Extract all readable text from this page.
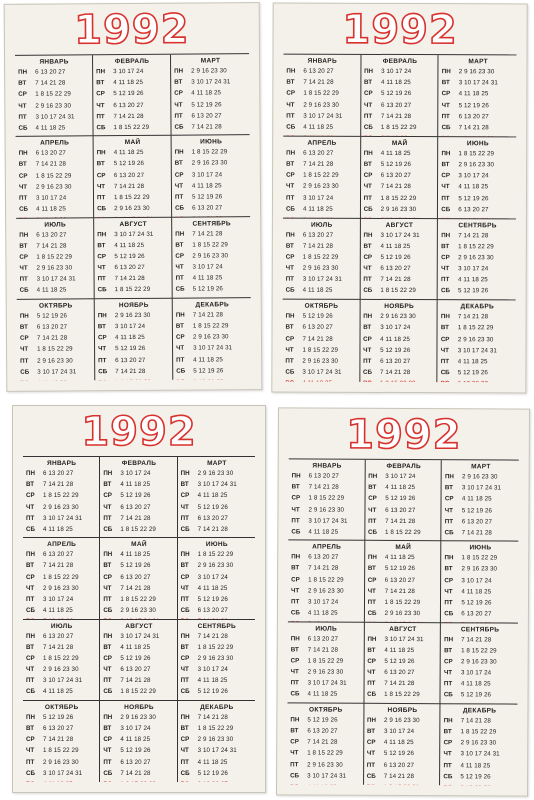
1992
ЯНВАРЬ
ПН	6 13 20 27
ВТ	7 14 21 28
СР	1 8 15 22 29
ЧТ	2 9 16 23 30
ПТ	3 10 17 24 31
СБ	4 11 18 25
ФЕВРАЛЬ
ПН	3 10 17 24
ВТ	4 11 18 25
СР	5 12 19 26
ЧТ	6 13 20 27
ПТ	7 14 21 28
СБ	1 8 15 22 29
МАРТ
ПН	2 9 16 23 30
ВТ	3 10 17 24 31
СР	4 11 18 25
ЧТ	5 12 19 26
ПТ	6 13 20 27
СБ	7 14 21 28
АПРЕЛЬ
ПН	6 13 20 27
ВТ	7 14 21 28
СР	1 8 15 22 29
ЧТ	2 9 16 23 30
ПТ	3 10 17 24
СБ	4 11 18 25
МАЙ
ПН	4 11 18 25
ВТ	5 12 19 26
СР	6 13 20 27
ЧТ	7 14 21 28
ПТ	1 8 15 22 29
СБ	2 9 16 23 30
ИЮНЬ
ПН	1 8 15 22 29
ВТ	2 9 16 23 30
СР	3 10 17 24
ЧТ	4 11 18 25
ПТ	5 12 19 26
СБ	6 13 20 27
ИЮЛЬ
ПН	6 13 20 27
ВТ	7 14 21 28
СР	1 8 15 22 29
ЧТ	2 9 16 23 30
ПТ	3 10 17 24 31
СБ	4 11 18 25
АВГУСТ
ПН	3 10 17 24 31
ВТ	4 11 18 25
СР	5 12 19 26
ЧТ	6 13 20 27
ПТ	7 14 21 28
СБ	1 8 15 22 29
СЕНТЯБРЬ
ПН	7 14 21 28
ВТ	1 8 15 22 29
СР	2 9 16 23 30
ЧТ	3 10 17 24
ПТ	4 11 18 25
СБ	5 12 19 26
ОКТЯБРЬ
ПН	5 12 19 26
ВТ	6 13 20 27
СР	7 14 21 28
ЧТ	1 8 15 22 29
ПТ	2 9 16 23 30
СБ	3 10 17 24 31
НОЯБРЬ
ПН	2 9 16 23 30
ВТ	3 10 17 24
СР	4 11 18 25
ЧТ	5 12 19 26
ПТ	6 13 20 27
СБ	7 14 21 28
ДЕКАБРЬ
ПН	7 14 21 28
ВТ	1 8 15 22 29
СР	2 9 16 23 30
ЧТ	3 10 17 24 31
ПТ	4 11 18 25
СБ	5 12 19 26
1992
ЯНВАРЬ
ПН	6 13 20 27
ВТ	7 14 21 28
СР	1 8 15 22 29
ЧТ	2 9 16 23 30
ПТ	3 10 17 24 31
СБ	4 11 18 25
ФЕВРАЛЬ
ПН	3 10 17 24
ВТ	4 11 18 25
СР	5 12 19 26
ЧТ	6 13 20 27
ПТ	7 14 21 28
СБ	1 8 15 22 29
МАРТ
ПН	2 9 16 23 30
ВТ	3 10 17 24 31
СР	4 11 18 25
ЧТ	5 12 19 26
ПТ	6 13 20 27
СБ	7 14 21 28
АПРЕЛЬ
ПН	6 13 20 27
ВТ	7 14 21 28
СР	1 8 15 22 29
ЧТ	2 9 16 23 30
ПТ	3 10 17 24
СБ	4 11 18 25
МАЙ
ПН	4 11 18 25
ВТ	5 12 19 26
СР	6 13 20 27
ЧТ	7 14 21 28
ПТ	1 8 15 22 29
СБ	2 9 16 23 30
ИЮНЬ
ПН	1 8 15 22 29
ВТ	2 9 16 23 30
СР	3 10 17 24
ЧТ	4 11 18 25
ПТ	5 12 19 26
СБ	6 13 20 27
ИЮЛЬ
ПН	6 13 20 27
ВТ	7 14 21 28
СР	1 8 15 22 29
ЧТ	2 9 16 23 30
ПТ	3 10 17 24 31
СБ	4 11 18 25
АВГУСТ
ПН	3 10 17 24 31
ВТ	4 11 18 25
СР	5 12 19 26
ЧТ	6 13 20 27
ПТ	7 14 21 28
СБ	1 8 15 22 29
СЕНТЯБРЬ
ПН	7 14 21 28
ВТ	1 8 15 22 29
СР	2 9 16 23 30
ЧТ	3 10 17 24
ПТ	4 11 18 25
СБ	5 12 19 26
ОКТЯБРЬ
ПН	5 12 19 26
ВТ	6 13 20 27
СР	7 14 21 28
ЧТ	1 8 15 22 29
ПТ	2 9 16 23 30
СБ	3 10 17 24 31
НОЯБРЬ
ПН	2 9 16 23 30
ВТ	3 10 17 24
СР	4 11 18 25
ЧТ	5 12 19 26
ПТ	6 13 20 27
СБ	7 14 21 28
ДЕКАБРЬ
ПН	7 14 21 28
ВТ	1 8 15 22 29
СР	2 9 16 23 30
ЧТ	3 10 17 24 31
ПТ	4 11 18 25
СБ	5 12 19 26
1992
ЯНВАРЬ
ПН	6 13 20 27
ВТ	7 14 21 28
СР	1 8 15 22 29
ЧТ	2 9 16 23 30
ПТ	3 10 17 24 31
СБ	4 11 18 25
ФЕВРАЛЬ
ПН	3 10 17 24
ВТ	4 11 18 25
СР	5 12 19 26
ЧТ	6 13 20 27
ПТ	7 14 21 28
СБ	1 8 15 22 29
МАРТ
ПН	2 9 16 23 30
ВТ	3 10 17 24 31
СР	4 11 18 25
ЧТ	5 12 19 26
ПТ	6 13 20 27
СБ	7 14 21 28
АПРЕЛЬ
ПН	6 13 20 27
ВТ	7 14 21 28
СР	1 8 15 22 29
ЧТ	2 9 16 23 30
ПТ	3 10 17 24
СБ	4 11 18 25
МАЙ
ПН	4 11 18 25
ВТ	5 12 19 26
СР	6 13 20 27
ЧТ	7 14 21 28
ПТ	1 8 15 22 29
СБ	2 9 16 23 30
ИЮНЬ
ПН	1 8 15 22 29
ВТ	2 9 16 23 30
СР	3 10 17 24
ЧТ	4 11 18 25
ПТ	5 12 19 26
СБ	6 13 20 27
ИЮЛЬ
ПН	6 13 20 27
ВТ	7 14 21 28
СР	1 8 15 22 29
ЧТ	2 9 16 23 30
ПТ	3 10 17 24 31
СБ	4 11 18 25
АВГУСТ
ПН	3 10 17 24 31
ВТ	4 11 18 25
СР	5 12 19 26
ЧТ	6 13 20 27
ПТ	7 14 21 28
СБ	1 8 15 22 29
СЕНТЯБРЬ
ПН	7 14 21 28
ВТ	1 8 15 22 29
СР	2 9 16 23 30
ЧТ	3 10 17 24
ПТ	4 11 18 25
СБ	5 12 19 26
ОКТЯБРЬ
ПН	5 12 19 26
ВТ	6 13 20 27
СР	7 14 21 28
ЧТ	1 8 15 22 29
ПТ	2 9 16 23 30
СБ	3 10 17 24 31
НОЯБРЬ
ПН	2 9 16 23 30
ВТ	3 10 17 24
СР	4 11 18 25
ЧТ	5 12 19 26
ПТ	6 13 20 27
СБ	7 14 21 28
ДЕКАБРЬ
ПН	7 14 21 28
ВТ	1 8 15 22 29
СР	2 9 16 23 30
ЧТ	3 10 17 24 31
ПТ	4 11 18 25
СБ	5 12 19 26
1992
ЯНВАРЬ
ПН	6 13 20 27
ВТ	7 14 21 28
СР	1 8 15 22 29
ЧТ	2 9 16 23 30
ПТ	3 10 17 24 31
СБ	4 11 18 25
ФЕВРАЛЬ
ПН	3 10 17 24
ВТ	4 11 18 25
СР	5 12 19 26
ЧТ	6 13 20 27
ПТ	7 14 21 28
СБ	1 8 15 22 29
МАРТ
ПН	2 9 16 23 30
ВТ	3 10 17 24 31
СР	4 11 18 25
ЧТ	5 12 19 26
ПТ	6 13 20 27
СБ	7 14 21 28
АПРЕЛЬ
ПН	6 13 20 27
ВТ	7 14 21 28
СР	1 8 15 22 29
ЧТ	2 9 16 23 30
ПТ	3 10 17 24
СБ	4 11 18 25
МАЙ
ПН	4 11 18 25
ВТ	5 12 19 26
СР	6 13 20 27
ЧТ	7 14 21 28
ПТ	1 8 15 22 29
СБ	2 9 16 23 30
ИЮНЬ
ПН	1 8 15 22 29
ВТ	2 9 16 23 30
СР	3 10 17 24
ЧТ	4 11 18 25
ПТ	5 12 19 26
СБ	6 13 20 27
ИЮЛЬ
ПН	6 13 20 27
ВТ	7 14 21 28
СР	1 8 15 22 29
ЧТ	2 9 16 23 30
ПТ	3 10 17 24 31
СБ	4 11 18 25
АВГУСТ
ПН	3 10 17 24 31
ВТ	4 11 18 25
СР	5 12 19 26
ЧТ	6 13 20 27
ПТ	7 14 21 28
СБ	1 8 15 22 29
СЕНТЯБРЬ
ПН	7 14 21 28
ВТ	1 8 15 22 29
СР	2 9 16 23 30
ЧТ	3 10 17 24
ПТ	4 11 18 25
СБ	5 12 19 26
ОКТЯБРЬ
ПН	5 12 19 26
ВТ	6 13 20 27
СР	7 14 21 28
ЧТ	1 8 15 22 29
ПТ	2 9 16 23 30
СБ	3 10 17 24 31
НОЯБРЬ
ПН	2 9 16 23 30
ВТ	3 10 17 24
СР	4 11 18 25
ЧТ	5 12 19 26
ПТ	6 13 20 27
СБ	7 14 21 28
ДЕКАБРЬ
ПН	7 14 21 28
ВТ	1 8 15 22 29
СР	2 9 16 23 30
ЧТ	3 10 17 24 31
ПТ	4 11 18 25
СБ	5 12 19 26
